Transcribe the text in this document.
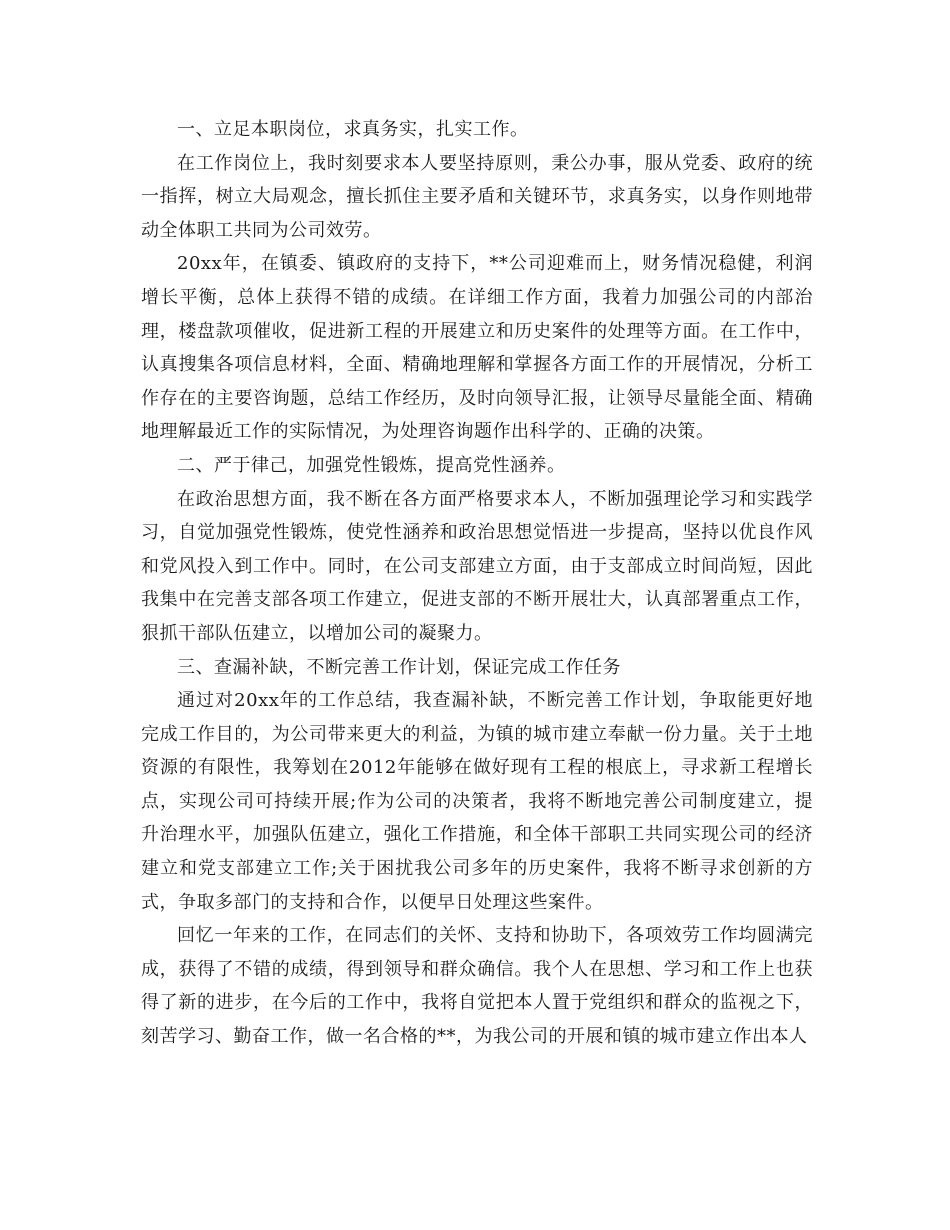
一、立足本职岗位，求真务实，扎实工作。

在工作岗位上，我时刻要求本人要坚持原则，秉公办事，服从党委、政府的统一指挥，树立大局观念，擅长抓住主要矛盾和关键环节，求真务实，以身作则地带动全体职工共同为公司效劳。

20xx年，在镇委、镇政府的支持下，**公司迎难而上，财务情况稳健，利润增长平衡，总体上获得不错的成绩。在详细工作方面，我着力加强公司的内部治理，楼盘款项催收，促进新工程的开展建立和历史案件的处理等方面。在工作中，认真搜集各项信息材料，全面、精确地理解和掌握各方面工作的开展情况，分析工作存在的主要咨询题，总结工作经历，及时向领导汇报，让领导尽量能全面、精确地理解最近工作的实际情况，为处理咨询题作出科学的、正确的决策。

二、严于律己，加强党性锻炼，提高党性涵养。

在政治思想方面，我不断在各方面严格要求本人，不断加强理论学习和实践学习，自觉加强党性锻炼，使党性涵养和政治思想觉悟进一步提高，坚持以优良作风和党风投入到工作中。同时，在公司支部建立方面，由于支部成立时间尚短，因此我集中在完善支部各项工作建立，促进支部的不断开展壮大，认真部署重点工作，狠抓干部队伍建立，以增加公司的凝聚力。

三、查漏补缺，不断完善工作计划，保证完成工作任务

通过对20xx年的工作总结，我查漏补缺，不断完善工作计划，争取能更好地完成工作目的，为公司带来更大的利益，为镇的城市建立奉献一份力量。关于土地资源的有限性，我筹划在2012年能够在做好现有工程的根底上，寻求新工程增长点，实现公司可持续开展;作为公司的决策者，我将不断地完善公司制度建立，提升治理水平，加强队伍建立，强化工作措施，和全体干部职工共同实现公司的经济建立和党支部建立工作;关于困扰我公司多年的历史案件，我将不断寻求创新的方式，争取多部门的支持和合作，以便早日处理这些案件。

回忆一年来的工作，在同志们的关怀、支持和协助下，各项效劳工作均圆满完成，获得了不错的成绩，得到领导和群众确信。我个人在思想、学习和工作上也获得了新的进步，在今后的工作中，我将自觉把本人置于党组织和群众的监视之下，刻苦学习、勤奋工作，做一名合格的**，为我公司的开展和镇的城市建立作出本人
